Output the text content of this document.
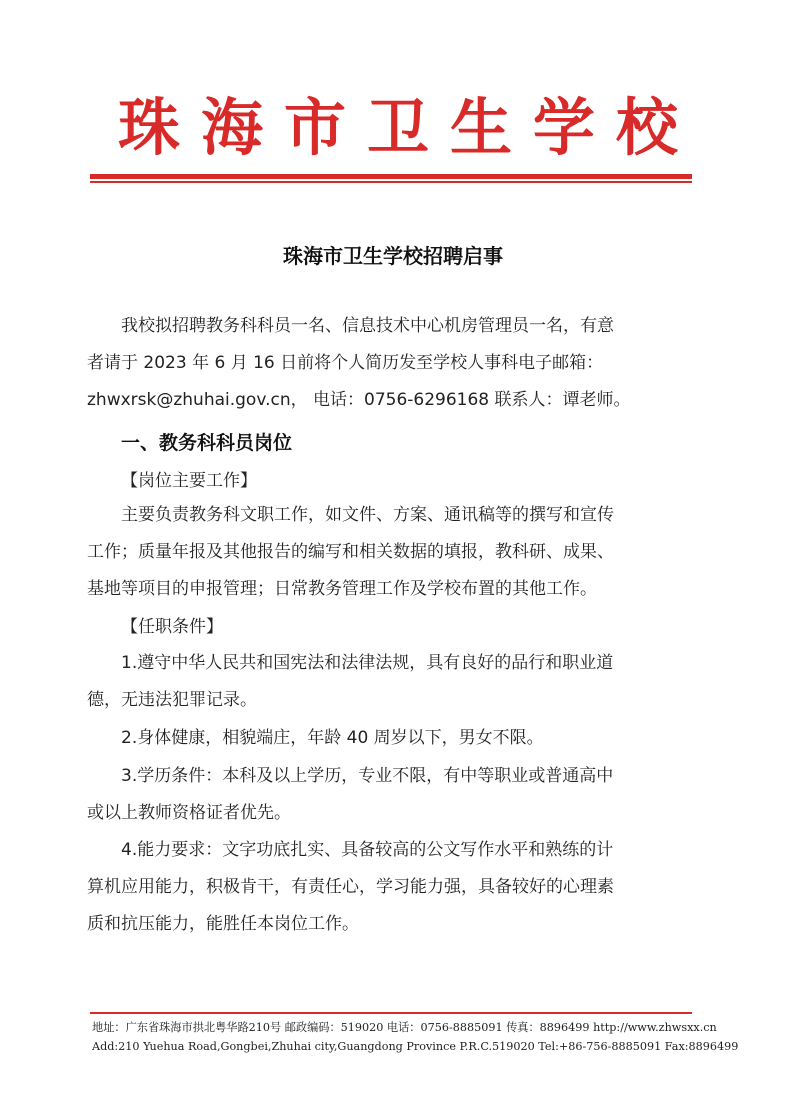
珠 海 市 卫 生 学 校
珠海市卫生学校招聘启事
我校拟招聘教务科科员一名、信息技术中心机房管理员一名，有意
者请于 2023 年 6 月 16 日前将个人简历发至学校人事科电子邮箱：
zhwxrsk@zhuhai.gov.cn， 电话：0756-6296168 联系人：谭老师。
一、教务科科员岗位
【岗位主要工作】
主要负责教务科文职工作，如文件、方案、通讯稿等的撰写和宣传
工作；质量年报及其他报告的编写和相关数据的填报，教科研、成果、
基地等项目的申报管理；日常教务管理工作及学校布置的其他工作。
【任职条件】
1.遵守中华人民共和国宪法和法律法规，具有良好的品行和职业道
德，无违法犯罪记录。
2.身体健康，相貌端庄，年龄 40 周岁以下，男女不限。
3.学历条件：本科及以上学历，专业不限，有中等职业或普通高中
或以上教师资格证者优先。
4.能力要求：文字功底扎实、具备较高的公文写作水平和熟练的计
算机应用能力，积极肯干，有责任心，学习能力强，具备较好的心理素
质和抗压能力，能胜任本岗位工作。
地址：广东省珠海市拱北粤华路210号 邮政编码：519020 电话：0756-8885091 传真：8896499 http://www.zhwsxx.cn
Add:210 Yuehua Road,Gongbei,Zhuhai city,Guangdong Province P.R.C.519020 Tel:+86-756-8885091 Fax:8896499
